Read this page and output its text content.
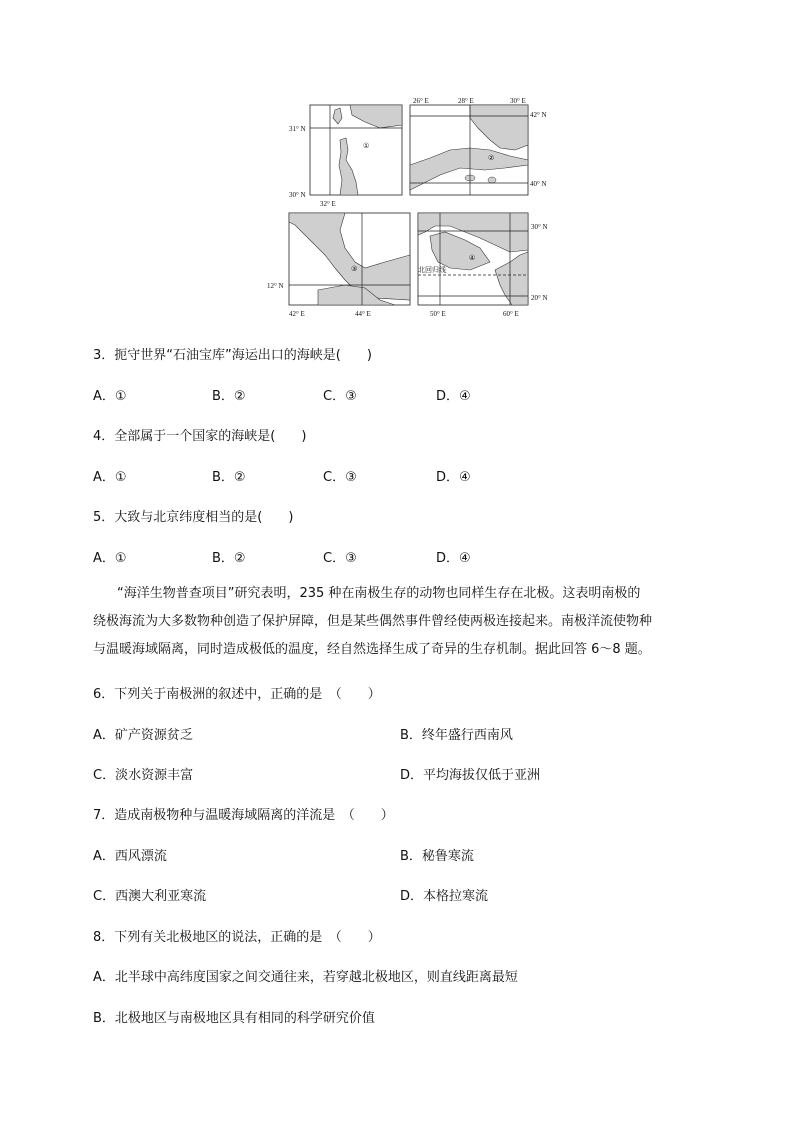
31° N
30° N
32° E
①
26° E	28° E	30° E
42° N
40° N
②
12° N
42° E	44° E
③
30° N
20° N
50° E	60° E
北回归线
④
3．扼守世界“石油宝库”海运出口的海峡是(　　)
A．①	B．②	C．③	D．④
4．全部属于一个国家的海峡是(　　)
A．①	B．②	C．③	D．④
5．大致与北京纬度相当的是(　　)
A．①	B．②	C．③	D．④
“海洋生物普查项目”研究表明，235 种在南极生存的动物也同样生存在北极。这表明南极的
绕极海流为大多数物种创造了保护屏障，但是某些偶然事件曾经使两极连接起来。南极洋流使物种
与温暖海域隔离，同时造成极低的温度，经自然选择生成了奇异的生存机制。据此回答 6～8 题。
6．下列关于南极洲的叙述中，正确的是　（　　）
A．矿产资源贫乏	B．终年盛行西南风
C．淡水资源丰富	D．平均海拔仅低于亚洲
7．造成南极物种与温暖海域隔离的洋流是　（　　）
A．西风漂流	B．秘鲁寒流
C．西澳大利亚寒流	D．本格拉寒流
8．下列有关北极地区的说法，正确的是　（　　）
A．北半球中高纬度国家之间交通往来，若穿越北极地区，则直线距离最短
B．北极地区与南极地区具有相同的科学研究价值
